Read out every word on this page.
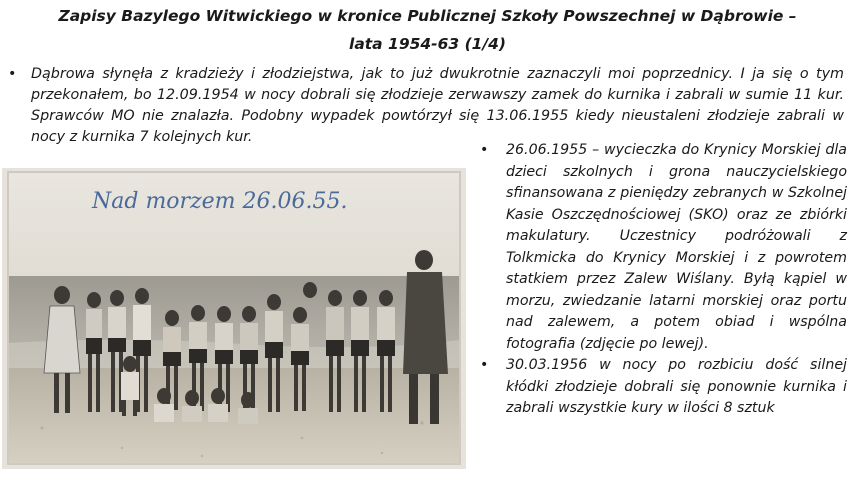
Zapisy Bazylego Witwickiego w kronice Publicznej Szkoły Powszechnej w Dąbrowie –
lata 1954-63 (1/4)
• Dąbrowa słynęła z kradzieży i złodziejstwa, jak to już dwukrotnie zaznaczyli moi poprzednicy. I ja się o tym przekonałem, bo 12.09.1954 w nocy dobrali się złodzieje zerwawszy zamek do kurnika i zabrali w sumie 11 kur. Sprawców MO nie znalazła. Podobny wypadek powtórzył się 13.06.1955 kiedy nieustaleni złodzieje zabrali w nocy z kurnika 7 kolejnych kur.
Nad morzem 26.06.55.
• 26.06.1955 – wycieczka do Krynicy Morskiej dla dzieci szkolnych i grona nauczycielskiego sfinansowana z pieniędzy zebranych w Szkolnej Kasie Oszczędnościowej (SKO) oraz ze zbiórki makulatury. Uczestnicy podróżowali z Tolkmicka do Krynicy Morskiej i z powrotem statkiem przez Zalew Wiślany. Byłą kąpiel w morzu, zwiedzanie latarni morskiej oraz portu nad zalewem, a potem obiad i wspólna fotografia (zdjęcie po lewej).
• 30.03.1956 w nocy po rozbiciu dość silnej kłódki złodzieje dobrali się ponownie kurnika i zabrali wszystkie kury w ilości 8 sztuk
